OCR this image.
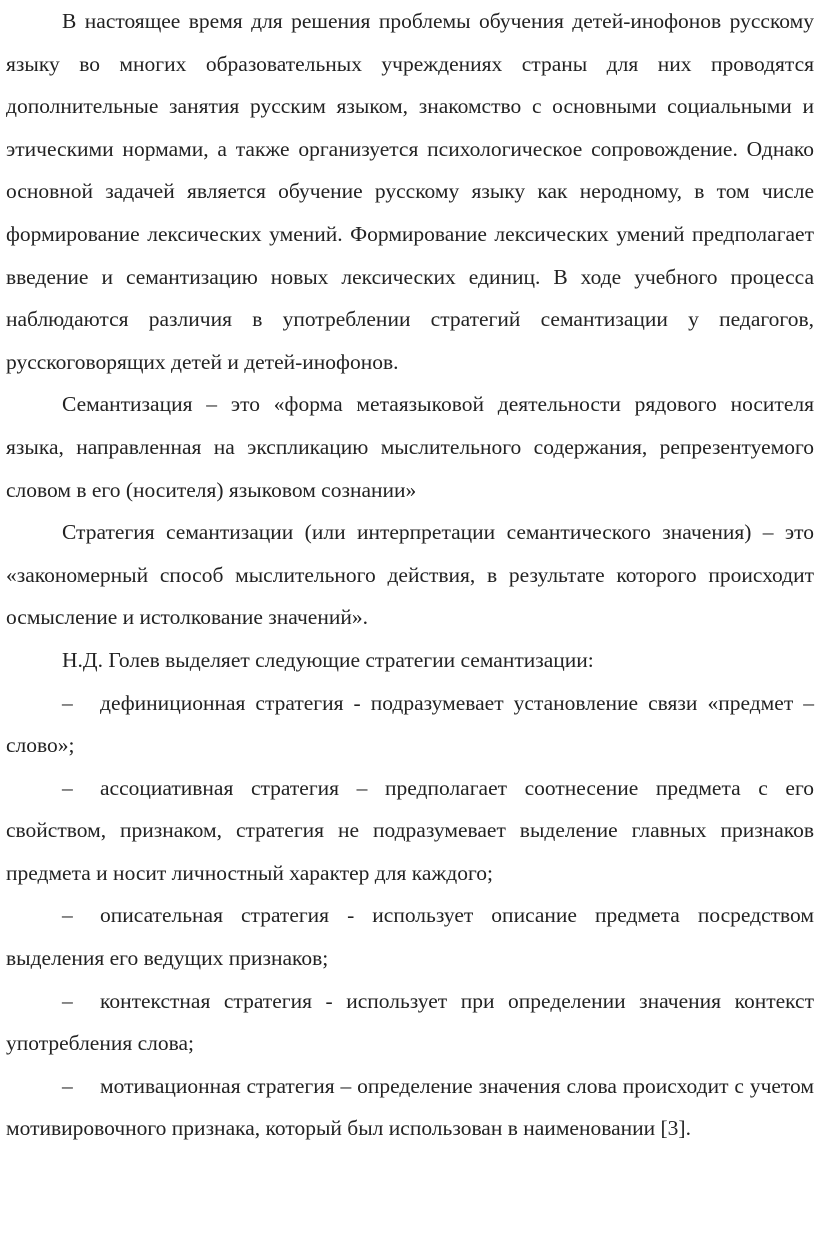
В настоящее время для решения проблемы обучения детей-инофонов русскому языку во многих образовательных учреждениях страны для них проводятся дополнительные занятия русским языком, знакомство с основными социальными и этическими нормами, а также организуется психологическое сопровождение. Однако основной задачей является обучение русскому языку как неродному, в том числе формирование лексических умений. Формирование лексических умений предполагает введение и семантизацию новых лексических единиц. В ходе учебного процесса наблюдаются различия в употреблении стратегий семантизации у педагогов, русскоговорящих детей и детей-инофонов.

Семантизация – это «форма метаязыковой деятельности рядового носителя языка, направленная на экспликацию мыслительного содержания, репрезентуемого словом в его (носителя) языковом сознании»

Стратегия семантизации (или интерпретации семантического значения) – это «закономерный способ мыслительного действия, в результате которого происходит осмысление и истолкование значений».

Н.Д. Голев выделяет следующие стратегии семантизации:

– дефиниционная стратегия - подразумевает установление связи «предмет – слово»;

– ассоциативная стратегия – предполагает соотнесение предмета с его свойством, признаком, стратегия не подразумевает выделение главных признаков предмета и носит личностный характер для каждого;

– описательная стратегия - использует описание предмета посредством выделения его ведущих признаков;

– контекстная стратегия - использует при определении значения контекст употребления слова;

– мотивационная стратегия – определение значения слова происходит с учетом мотивировочного признака, который был использован в наименовании [3].
